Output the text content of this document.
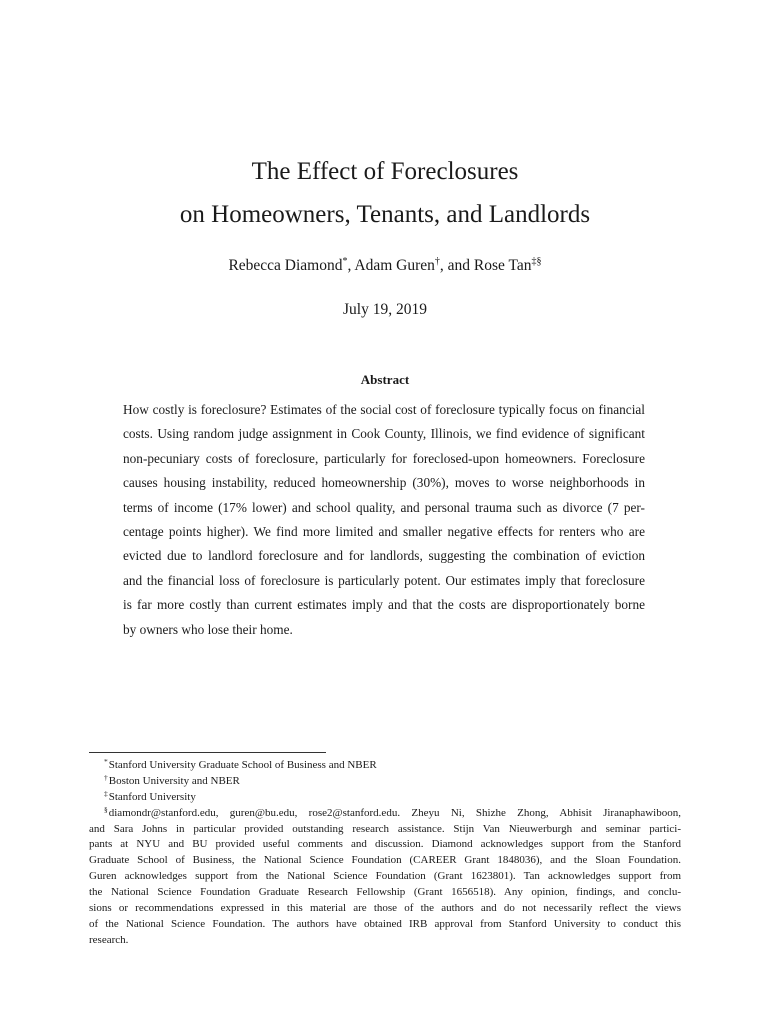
The Effect of Foreclosures
on Homeowners, Tenants, and Landlords
Rebecca Diamond*, Adam Guren†, and Rose Tan‡§
July 19, 2019
Abstract
How costly is foreclosure? Estimates of the social cost of foreclosure typically focus on financial
costs. Using random judge assignment in Cook County, Illinois, we find evidence of significant
non-pecuniary costs of foreclosure, particularly for foreclosed-upon homeowners. Foreclosure
causes housing instability, reduced homeownership (30%), moves to worse neighborhoods in
terms of income (17% lower) and school quality, and personal trauma such as divorce (7 per-
centage points higher). We find more limited and smaller negative effects for renters who are
evicted due to landlord foreclosure and for landlords, suggesting the combination of eviction
and the financial loss of foreclosure is particularly potent. Our estimates imply that foreclosure
is far more costly than current estimates imply and that the costs are disproportionately borne
by owners who lose their home.
*Stanford University Graduate School of Business and NBER
†Boston University and NBER
‡Stanford University
§diamondr@stanford.edu, guren@bu.edu, rose2@stanford.edu. Zheyu Ni, Shizhe Zhong, Abhisit Jiranaphawiboon,
and Sara Johns in particular provided outstanding research assistance. Stijn Van Nieuwerburgh and seminar partici-
pants at NYU and BU provided useful comments and discussion. Diamond acknowledges support from the Stanford
Graduate School of Business, the National Science Foundation (CAREER Grant 1848036), and the Sloan Foundation.
Guren acknowledges support from the National Science Foundation (Grant 1623801). Tan acknowledges support from
the National Science Foundation Graduate Research Fellowship (Grant 1656518). Any opinion, findings, and conclu-
sions or recommendations expressed in this material are those of the authors and do not necessarily reflect the views
of the National Science Foundation. The authors have obtained IRB approval from Stanford University to conduct this
research.
